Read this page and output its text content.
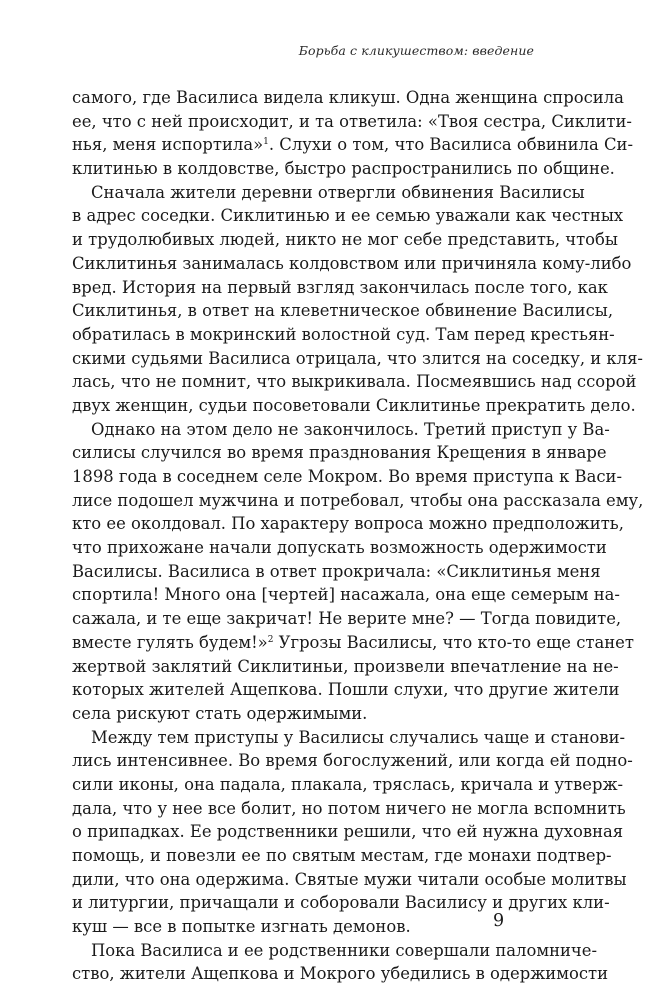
Борьба с кликушеством: введение
самого, где Василиса видела кликуш. Одна женщина спросила
ее, что с ней происходит, и та ответила: «Твоя сестра, Сиклити-
нья, меня испортила»$^1$. Слухи о том, что Василиса обвинила Си-
клитинью в колдовстве, быстро распространились по общине.
Сначала жители деревни отвергли обвинения Василисы
в адрес соседки. Сиклитинью и ее семью уважали как честных
и трудолюбивых людей, никто не мог себе представить, чтобы
Сиклитинья занималась колдовством или причиняла кому-либо
вред. История на первый взгляд закончилась после того, как
Сиклитинья, в ответ на клеветническое обвинение Василисы,
обратилась в мокринский волостной суд. Там перед крестьян-
скими судьями Василиса отрицала, что злится на соседку, и кля-
лась, что не помнит, что выкрикивала. Посмеявшись над ссорой
двух женщин, судьи посоветовали Сиклитинье прекратить дело.
Однако на этом дело не закончилось. Третий приступ у Ва-
силисы случился во время празднования Крещения в январе
1898 года в соседнем селе Мокром. Во время приступа к Васи-
лисе подошел мужчина и потребовал, чтобы она рассказала ему,
кто ее околдовал. По характеру вопроса можно предположить,
что прихожане начали допускать возможность одержимости
Василисы. Василиса в ответ прокричала: «Сиклитинья меня
спортила! Много она [чертей] насажала, она еще семерым на-
сажала, и те еще закричат! Не верите мне? — Тогда повидите,
вместе гулять будем!»$^2$ Угрозы Василисы, что кто-то еще станет
жертвой заклятий Сиклитиньи, произвели впечатление на не-
которых жителей Ащепкова. Пошли слухи, что другие жители
села рискуют стать одержимыми.
Между тем приступы у Василисы случались чаще и станови-
лись интенсивнее. Во время богослужений, или когда ей подно-
сили иконы, она падала, плакала, тряслась, кричала и утверж-
дала, что у нее все болит, но потом ничего не могла вспомнить
о припадках. Ее родственники решили, что ей нужна духовная
помощь, и повезли ее по святым местам, где монахи подтвер-
дили, что она одержима. Святые мужи читали особые молитвы
и литургии, причащали и соборовали Василису и других кли-
куш — все в попытке изгнать демонов.
Пока Василиса и ее родственники совершали паломниче-
ство, жители Ащепкова и Мокрого убедились в одержимости
9
